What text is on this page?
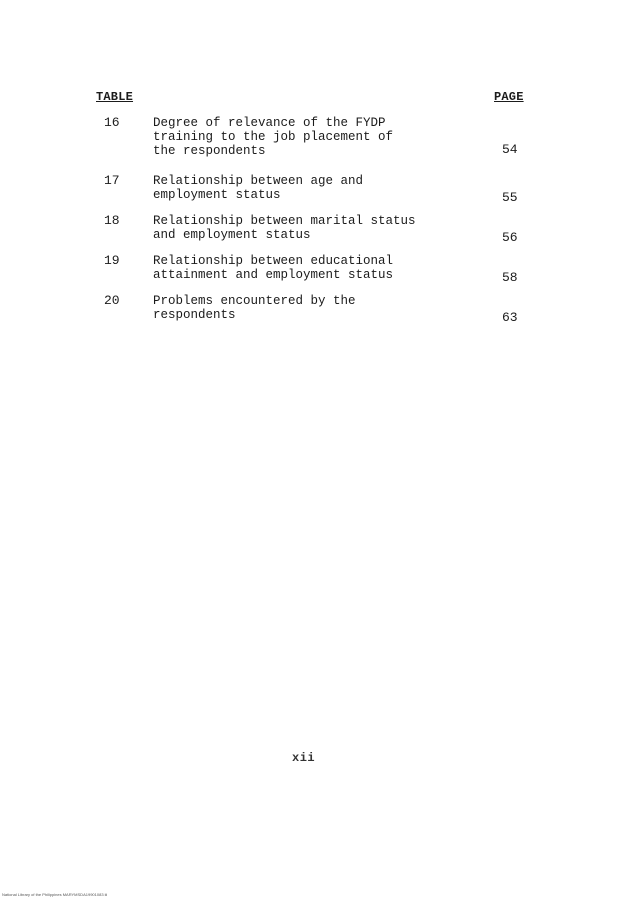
TABLE	PAGE
16	Degree of relevance of the FYDP
training to the job placement of
the respondents	54
17	Relationship between age and
employment status	55
18	Relationship between marital status
and employment status	56
19	Relationship between educational
attainment and employment status	58
20	Problems encountered by the
respondents	63
xii
National Library of the Philippines MARYMSDA19901083 iii
